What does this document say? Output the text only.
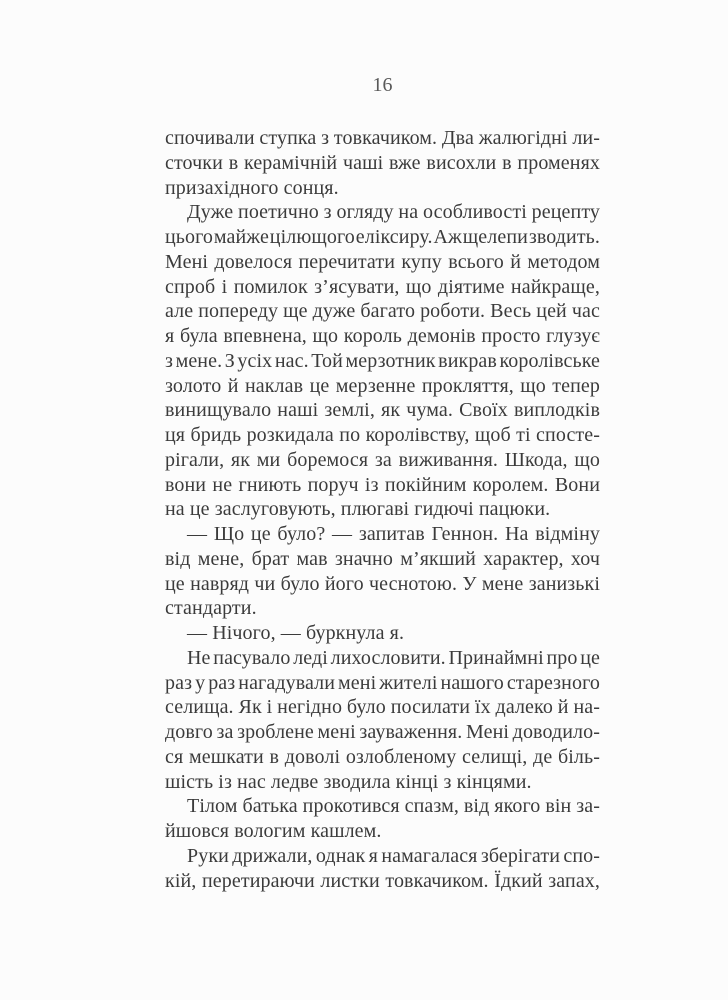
16
спочивали ступка з товкачиком. Два жалюгідні ли-
сточки в керамічній чаші вже висохли в променях
призахідного сонця.
Дуже поетично з огляду на особливості рецепту
цього майже цілющого еліксиру. Аж щелепи зводить.
Мені довелося перечитати купу всього й методом
спроб і помилок з’ясувати, що діятиме найкраще,
але попереду ще дуже багато роботи. Весь цей час
я була впевнена, що король демонів просто глузує
з мене. З усіх нас. Той мерзотник викрав королівське
золото й наклав це мерзенне прокляття, що тепер
винищувало наші землі, як чума. Своїх виплодків
ця бридь розкидала по королівству, щоб ті спосте-
рігали, як ми боремося за виживання. Шкода, що
вони не гниють поруч із покійним королем. Вони
на це заслуговують, плюгаві гидючі пацюки.
— Що це було? — запитав Геннон. На відміну
від мене, брат мав значно м’якший характер, хоч
це навряд чи було його чеснотою. У мене занизькі
стандарти.
— Нічого, — буркнула я.
Не пасувало леді лихословити. Принаймні про це
раз у раз нагадували мені жителі нашого старезного
селища. Як і негідно було посилати їх далеко й на-
довго за зроблене мені зауваження. Мені доводило-
ся мешкати в доволі озлобленому селищі, де біль-
шість із нас ледве зводила кінці з кінцями.
Тілом батька прокотився спазм, від якого він за-
йшовся вологим кашлем.
Руки дрижали, однак я намагалася зберігати спо-
кій, перетираючи листки товкачиком. Їдкий запах,
